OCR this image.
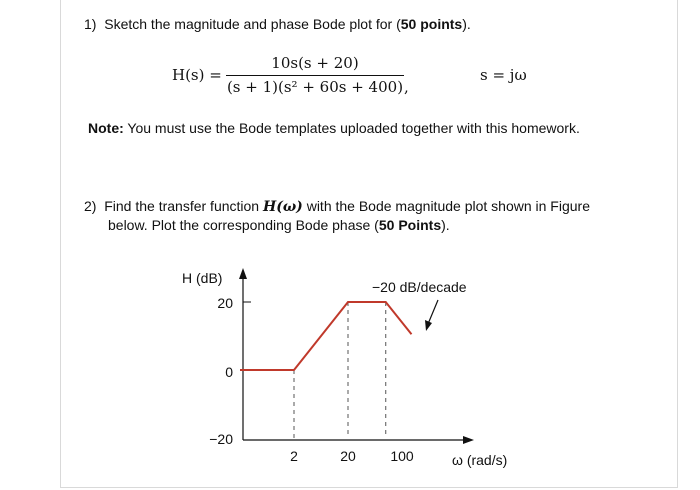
1) Sketch the magnitude and phase Bode plot for (50 points).
H(s) =
10s(s + 20)
(s + 1)(s² + 60s + 400) ,
s = jω
Note: You must use the Bode templates uploaded together with this homework.
2) Find the transfer function H(ω) with the Bode magnitude plot shown in Figure
below. Plot the corresponding Bode phase (50 Points).
H (dB)
ω (rad/s)
−20 dB/decade
20
0
−20
2	20 100
